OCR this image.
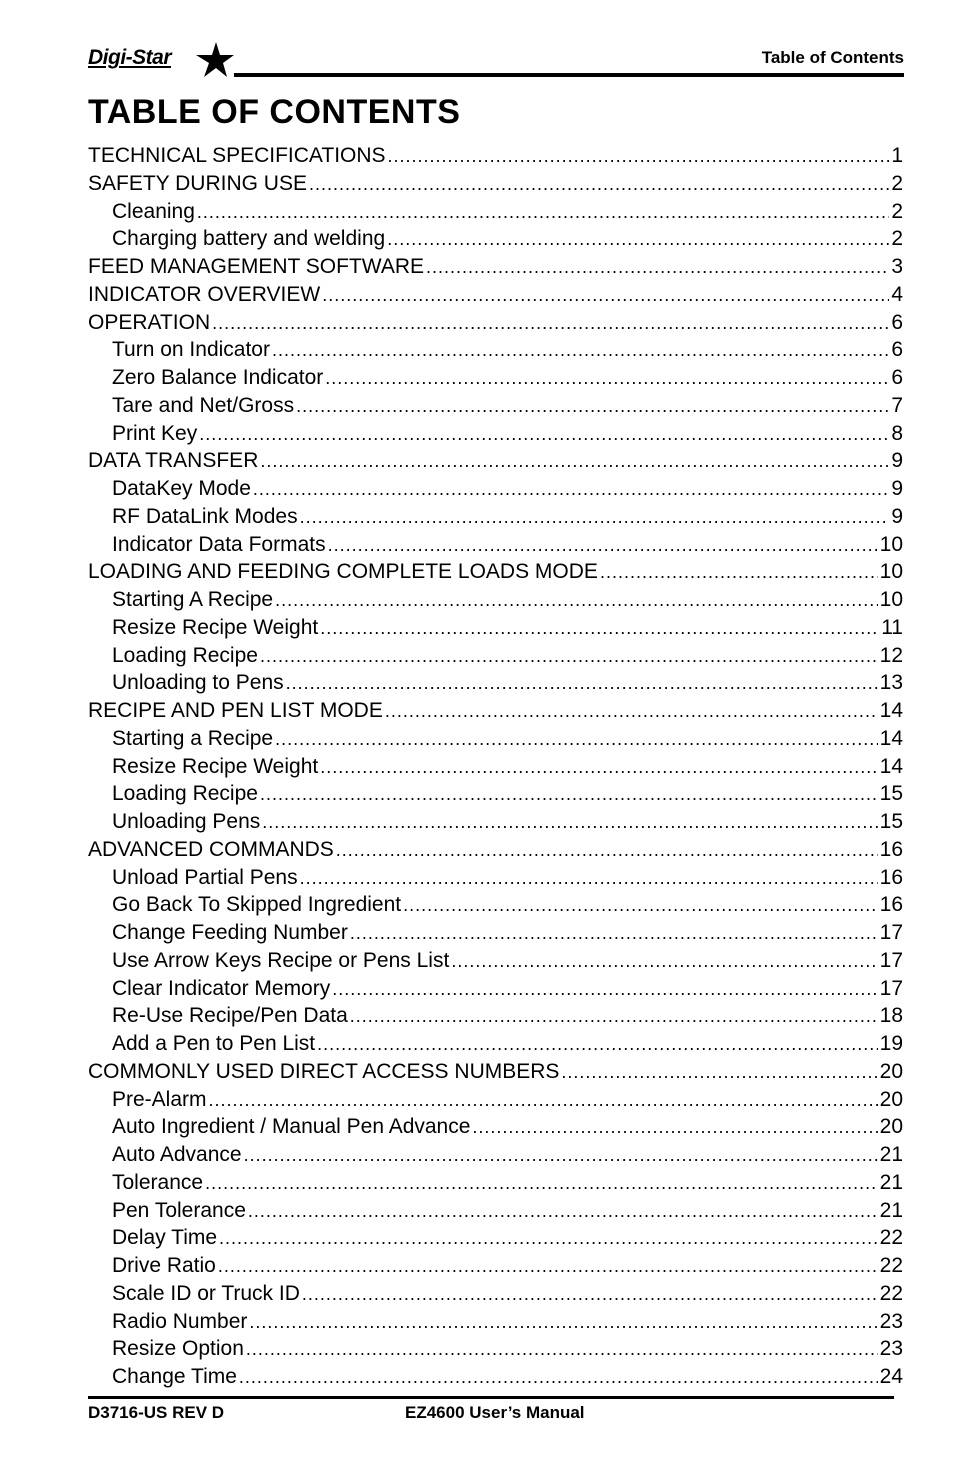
Digi-Star	Table of Contents
TABLE OF CONTENTS
TECHNICAL SPECIFICATIONS .....	1
SAFETY DURING USE .....	2
Cleaning .....	2
Charging battery and welding .....	2
FEED MANAGEMENT SOFTWARE .....	3
INDICATOR OVERVIEW .....	4
OPERATION .....	6
Turn on Indicator .....	6
Zero Balance Indicator .....	6
Tare and Net/Gross .....	7
Print Key .....	8
DATA TRANSFER .....	9
DataKey Mode .....	9
RF DataLink Modes .....	9
Indicator Data Formats .....	10
LOADING AND FEEDING COMPLETE LOADS MODE .....	10
Starting A Recipe .....	10
Resize Recipe Weight .....	11
Loading Recipe .....	12
Unloading to Pens .....	13
RECIPE AND PEN LIST MODE .....	14
Starting a Recipe .....	14
Resize Recipe Weight .....	14
Loading Recipe .....	15
Unloading Pens .....	15
ADVANCED COMMANDS .....	16
Unload Partial Pens .....	16
Go Back To Skipped Ingredient .....	16
Change Feeding Number .....	17
Use Arrow Keys Recipe or Pens List .....	17
Clear Indicator Memory .....	17
Re-Use Recipe/Pen Data .....	18
Add a Pen to Pen List .....	19
COMMONLY USED DIRECT ACCESS NUMBERS .....	20
Pre-Alarm .....	20
Auto Ingredient / Manual Pen Advance .....	20
Auto Advance .....	21
Tolerance .....	21
Pen Tolerance .....	21
Delay Time .....	22
Drive Ratio .....	22
Scale ID or Truck ID .....	22
Radio Number .....	23
Resize Option .....	23
Change Time .....	24
D3716-US REV D	EZ4600 User’s Manual
